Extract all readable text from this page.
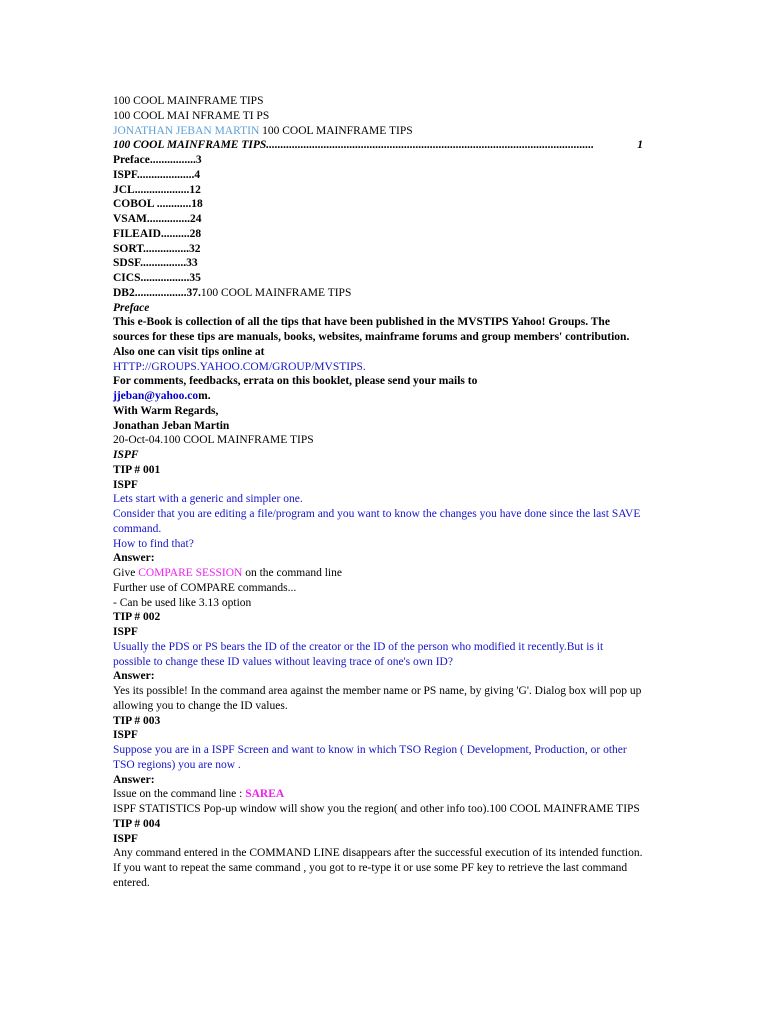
100 COOL MAINFRAME TIPS
100 COOL MAI NFRAME TI PS
JONATHAN JEBAN MARTIN 100 COOL MAINFRAME TIPS
100 COOL MAINFRAME TIPS ..................................................................................................................	1
Preface................3
ISPF....................4
JCL...................12
COBOL ............18
VSAM...............24
FILEAID..........28
SORT................32
SDSF................33
CICS.................35
DB2..................37.100 COOL MAINFRAME TIPS
Preface
This e-Book is collection of all the tips that have been published in the MVSTIPS Yahoo! Groups. The sources for these tips are manuals, books, websites, mainframe forums and group members' contribution. Also one can visit tips online at
HTTP://GROUPS.YAHOO.COM/GROUP/MVSTIPS.
For comments, feedbacks, errata on this booklet, please send your mails to
jjeban@yahoo.com.
With Warm Regards,
Jonathan Jeban Martin
20-Oct-04.100 COOL MAINFRAME TIPS
ISPF
TIP # 001
ISPF
Lets start with a generic and simpler one.
Consider that you are editing a file/program and you want to know the changes you have done since the last SAVE command.
How to find that?
Answer:
Give COMPARE SESSION on the command line
Further use of COMPARE commands...
- Can be used like 3.13 option
TIP # 002
ISPF
Usually the PDS or PS bears the ID of the creator or the ID of the person who modified it recently.But is it possible to change these ID values without leaving trace of one's own ID?
Answer:
Yes its possible! In the command area against the member name or PS name, by giving 'G'. Dialog box will pop up allowing you to change the ID values.
TIP # 003
ISPF
Suppose you are in a ISPF Screen and want to know in which TSO Region ( Development, Production, or other TSO regions) you are now .
Answer:
Issue on the command line : SAREA
ISPF STATISTICS Pop-up window will show you the region( and other info too).100 COOL MAINFRAME TIPS
TIP # 004
ISPF
Any command entered in the COMMAND LINE disappears after the successful execution of its intended function.
If you want to repeat the same command , you got to re-type it or use some PF key to retrieve the last command entered.
